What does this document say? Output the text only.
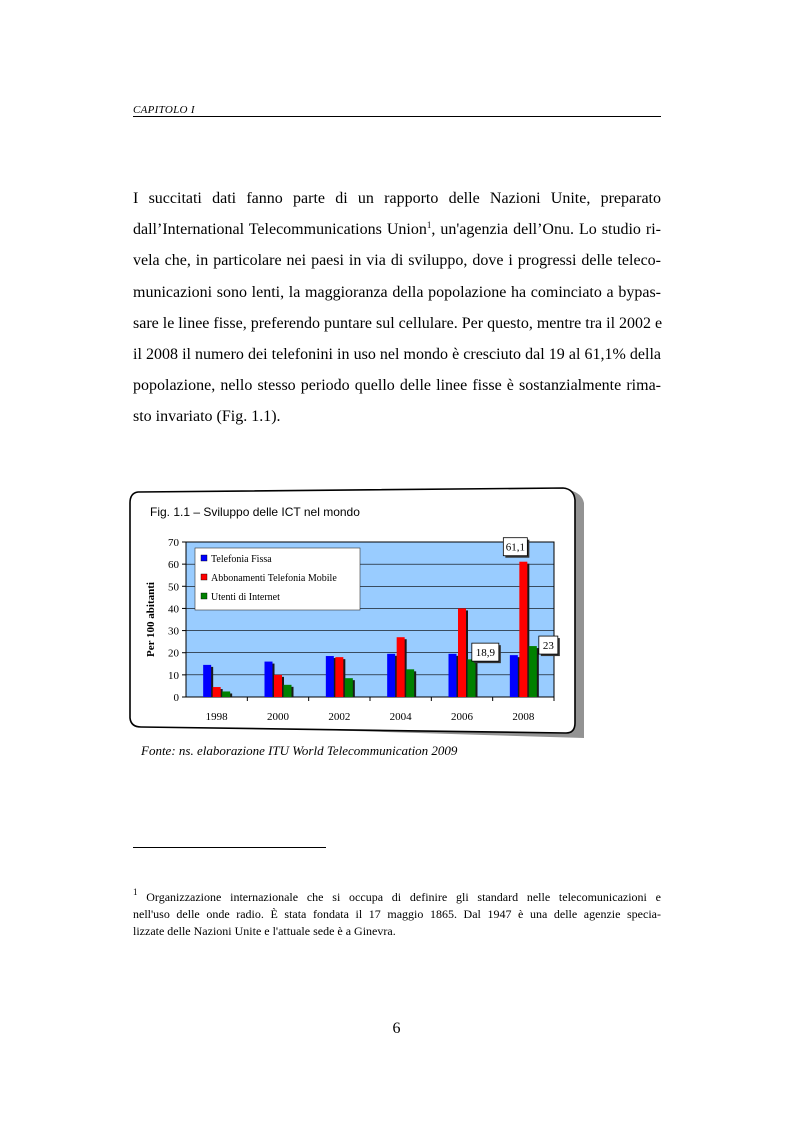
CAPITOLO I
I succitati dati fanno parte di un rapporto delle Nazioni Unite, preparato
dall’International Telecommunications Union$^1$, un'agenzia dell’Onu. Lo studio ri-
vela che, in particolare nei paesi in via di sviluppo, dove i progressi delle teleco-
municazioni sono lenti, la maggioranza della popolazione ha cominciato a bypas-
sare le linee fisse, preferendo puntare sul cellulare. Per questo, mentre tra il 2002 e
il 2008 il numero dei telefonini in uso nel mondo è cresciuto dal 19 al 61,1% della
popolazione, nello stesso periodo quello delle linee fisse è sostanzialmente rima-
sto invariato (Fig. 1.1).
Fig. 1.1 – Sviluppo delle ICT nel mondo
0
10
20
30
40
50
60
70
1998	2000	2002	2004	2006	2008
Telefonia Fissa
Abbonamenti Telefonia Mobile
Utenti di Internet
61,1
23
18,9
Per 100 abitanti
Fonte: ns. elaborazione ITU World Telecommunication 2009
$^1$ Organizzazione internazionale che si occupa di definire gli standard nelle telecomunicazioni e
nell'uso delle onde radio. È stata fondata il 17 maggio 1865. Dal 1947 è una delle agenzie specia-
lizzate delle Nazioni Unite e l'attuale sede è a Ginevra.
6
